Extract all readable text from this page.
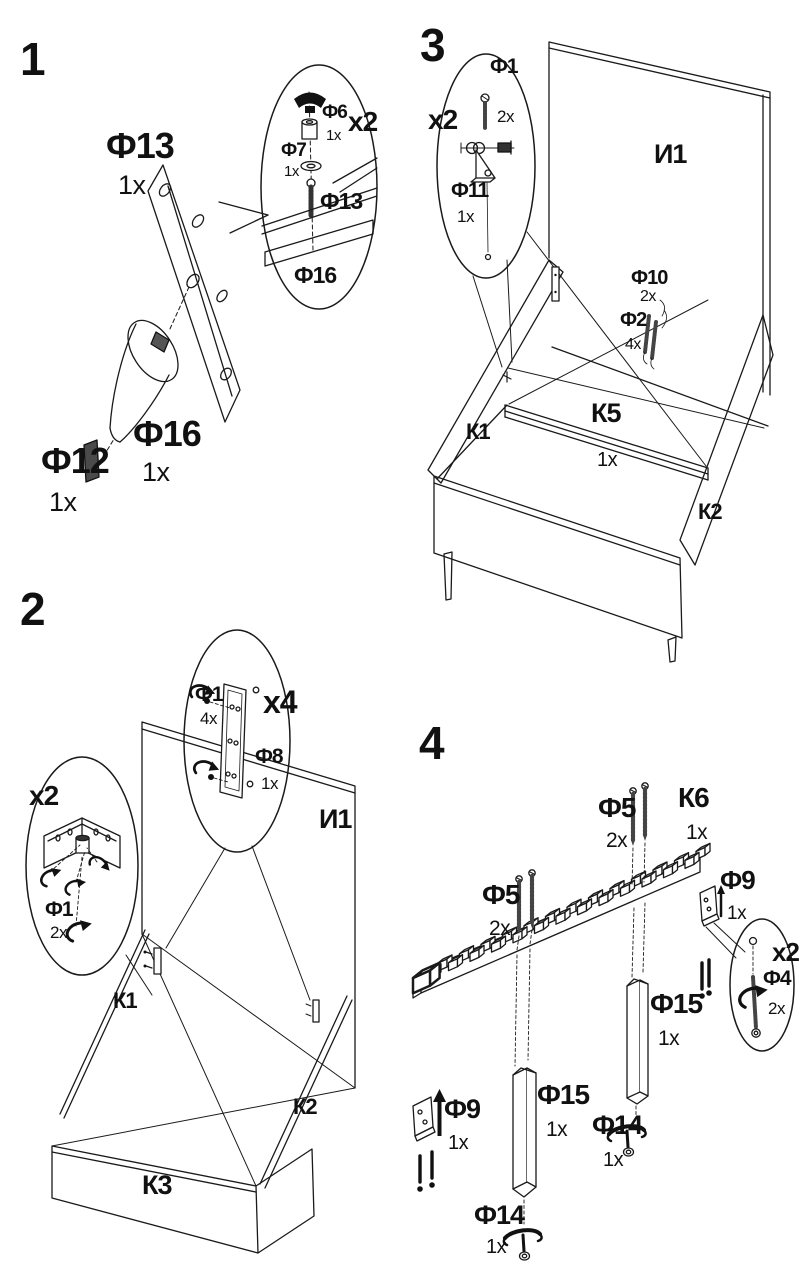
1
Ф13
1x
x2
Ф6
1x
Ф7
1x
Ф13
Ф16
Ф16
1x
Ф12
1x
3
x2
Ф1
2x
Ф11
1x
И1
Ф10
2x
Ф2
4x
К1
К5
1x
К2
2
x2
Ф1
2x
x4
Ф1
4x
Ф8
1x
И1
К1
К2
К3
4
К6
1x
Ф5
2x
Ф5
2x
Ф9
1x
x2
Ф4
2x
Ф15
1x
Ф15
1x
Ф9
1x
Ф14
1x
Ф14
1x
